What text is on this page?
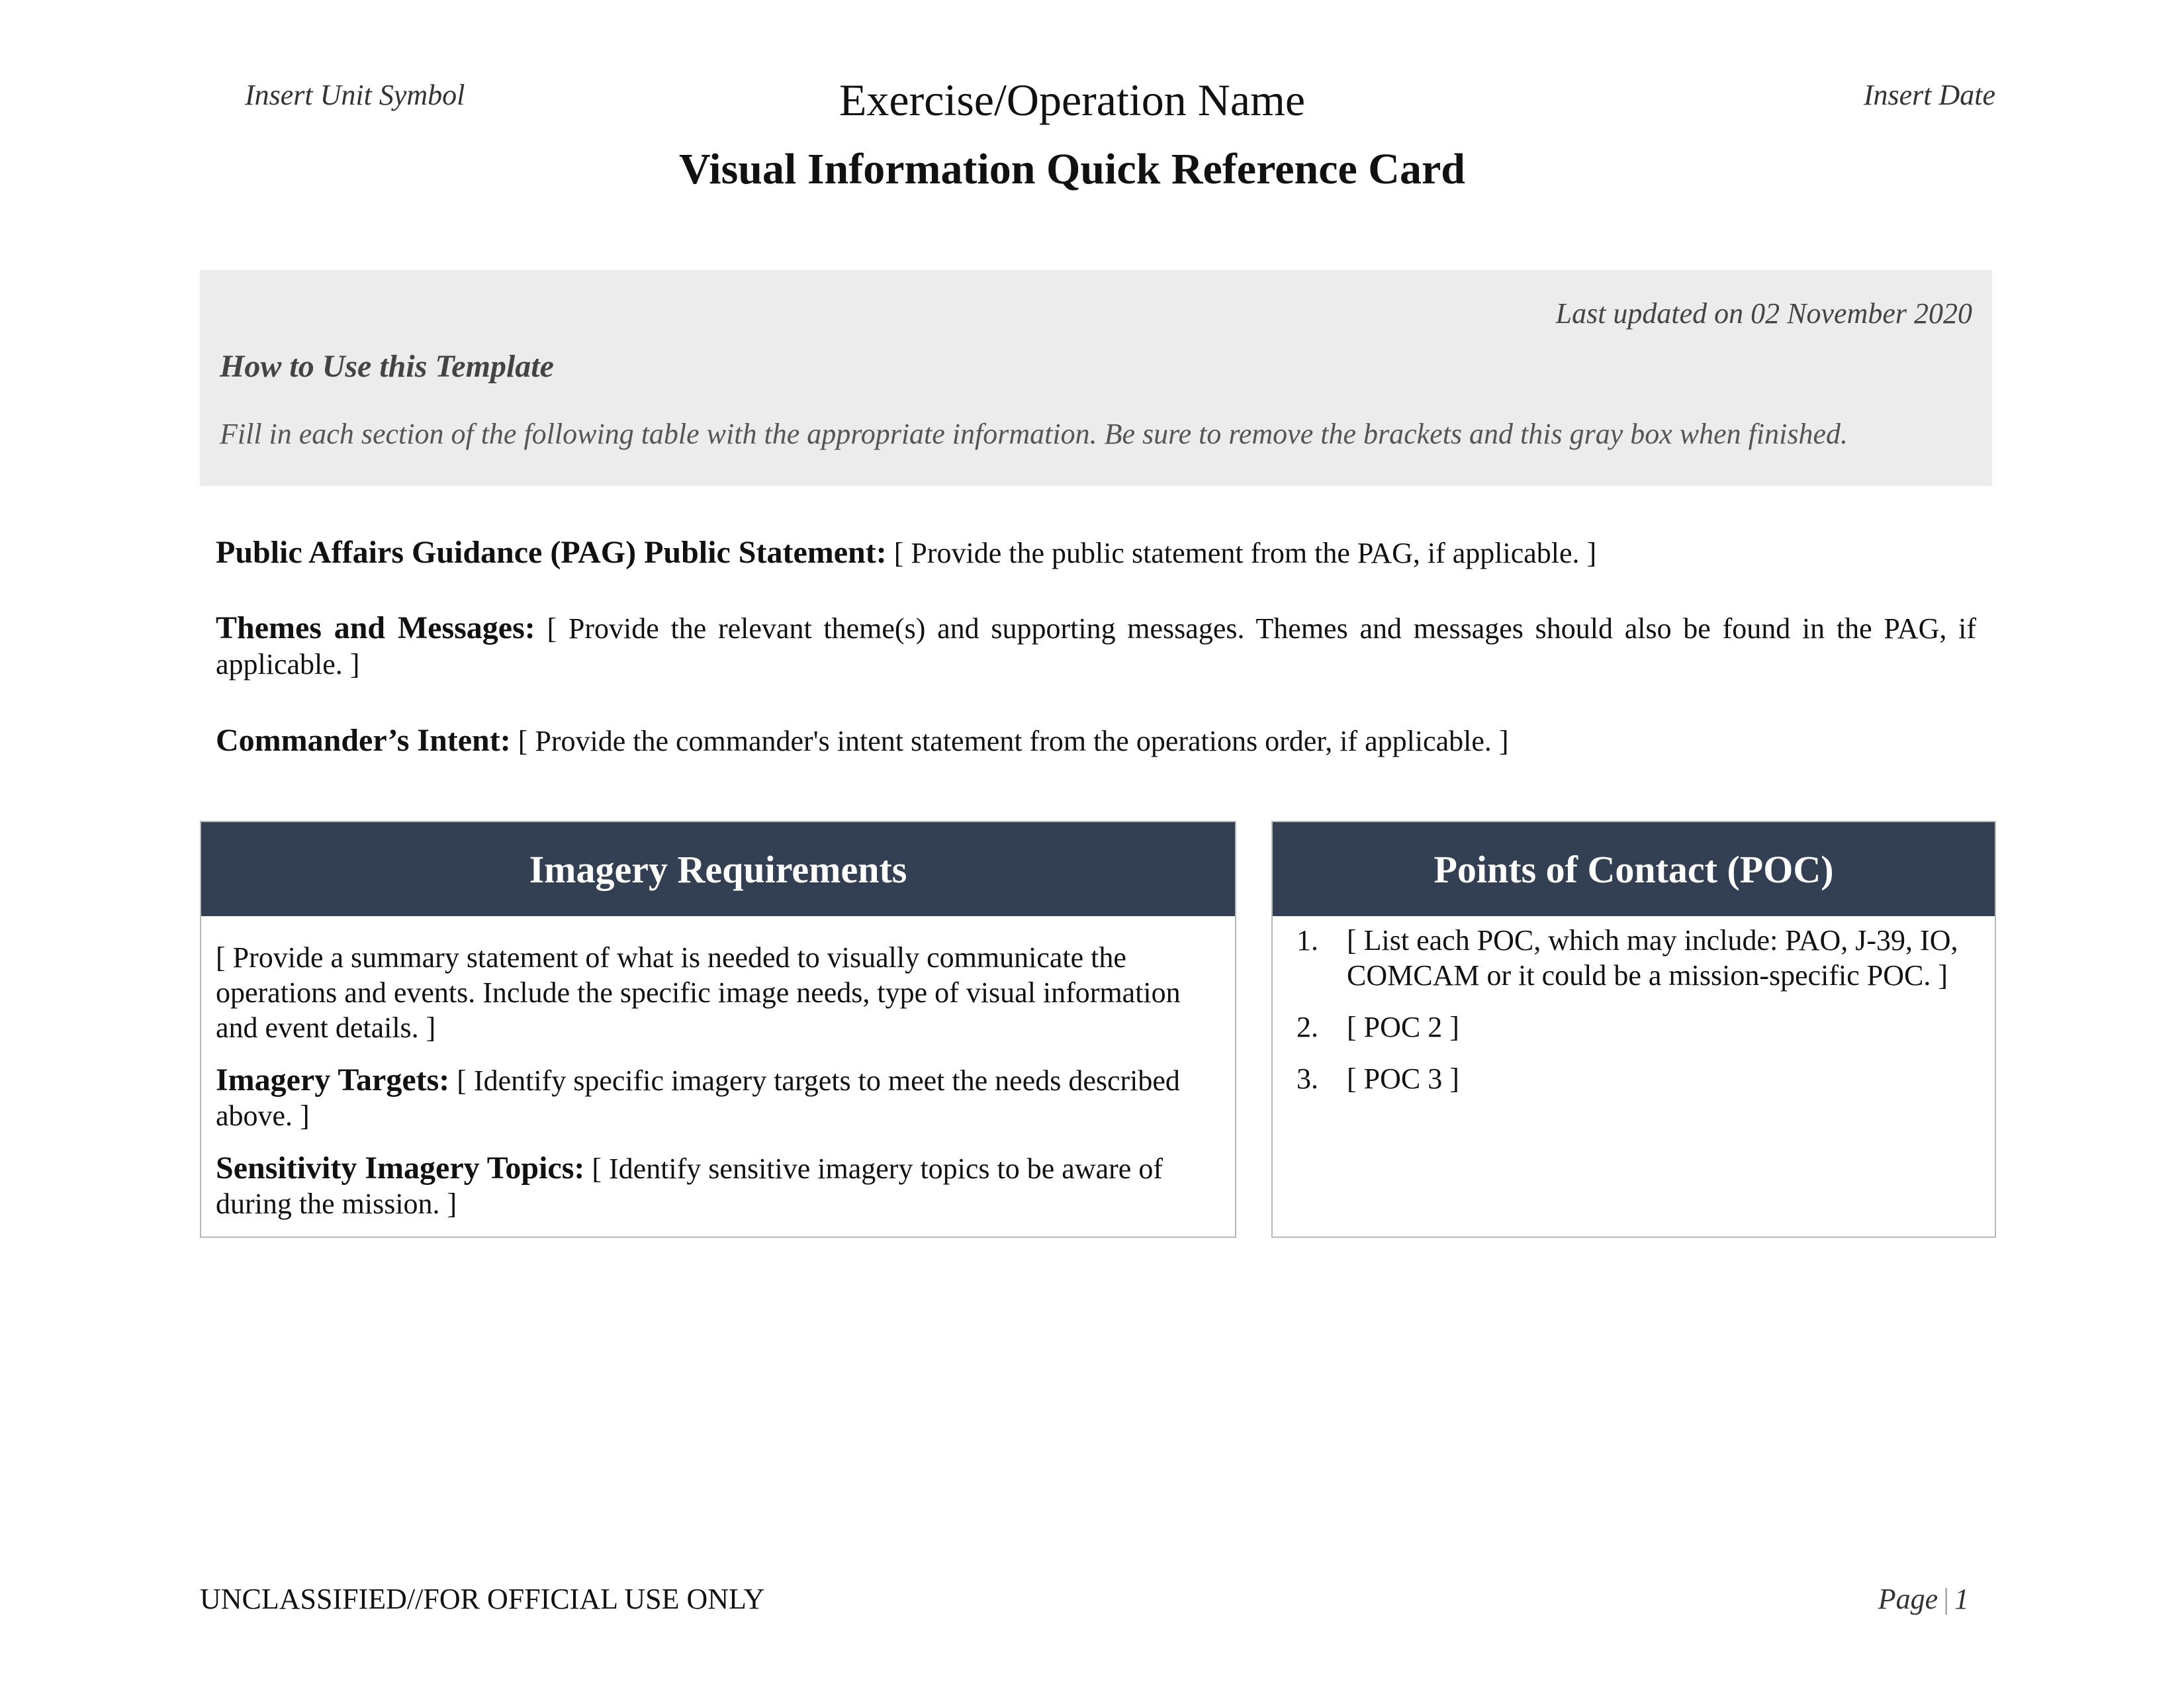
Insert Unit Symbol	Exercise/Operation Name	Insert Date
Visual Information Quick Reference Card
Last updated on 02 November 2020
How to Use this Template
Fill in each section of the following table with the appropriate information. Be sure to remove the brackets and this gray box when finished.
Public Affairs Guidance (PAG) Public Statement: [ Provide the public statement from the PAG, if applicable. ]
Themes and Messages: [ Provide the relevant theme(s) and supporting messages. Themes and messages should also be found in the PAG, if applicable. ]
Commander’s Intent: [ Provide the commander's intent statement from the operations order, if applicable. ]
Imagery Requirements

[ Provide a summary statement of what is needed to visually communicate the operations and events. Include the specific image needs, type of visual information and event details. ]

Imagery Targets: [ Identify specific imagery targets to meet the needs described above. ]

Sensitivity Imagery Topics: [ Identify sensitive imagery topics to be aware of during the mission. ]

Points of Contact (POC)
1. [ List each POC, which may include: PAO, J-39, IO, COMCAM or it could be a mission-specific POC. ]
2. [ POC 2 ]
3. [ POC 3 ]
UNCLASSIFIED//FOR OFFICIAL USE ONLY	Page | 1
